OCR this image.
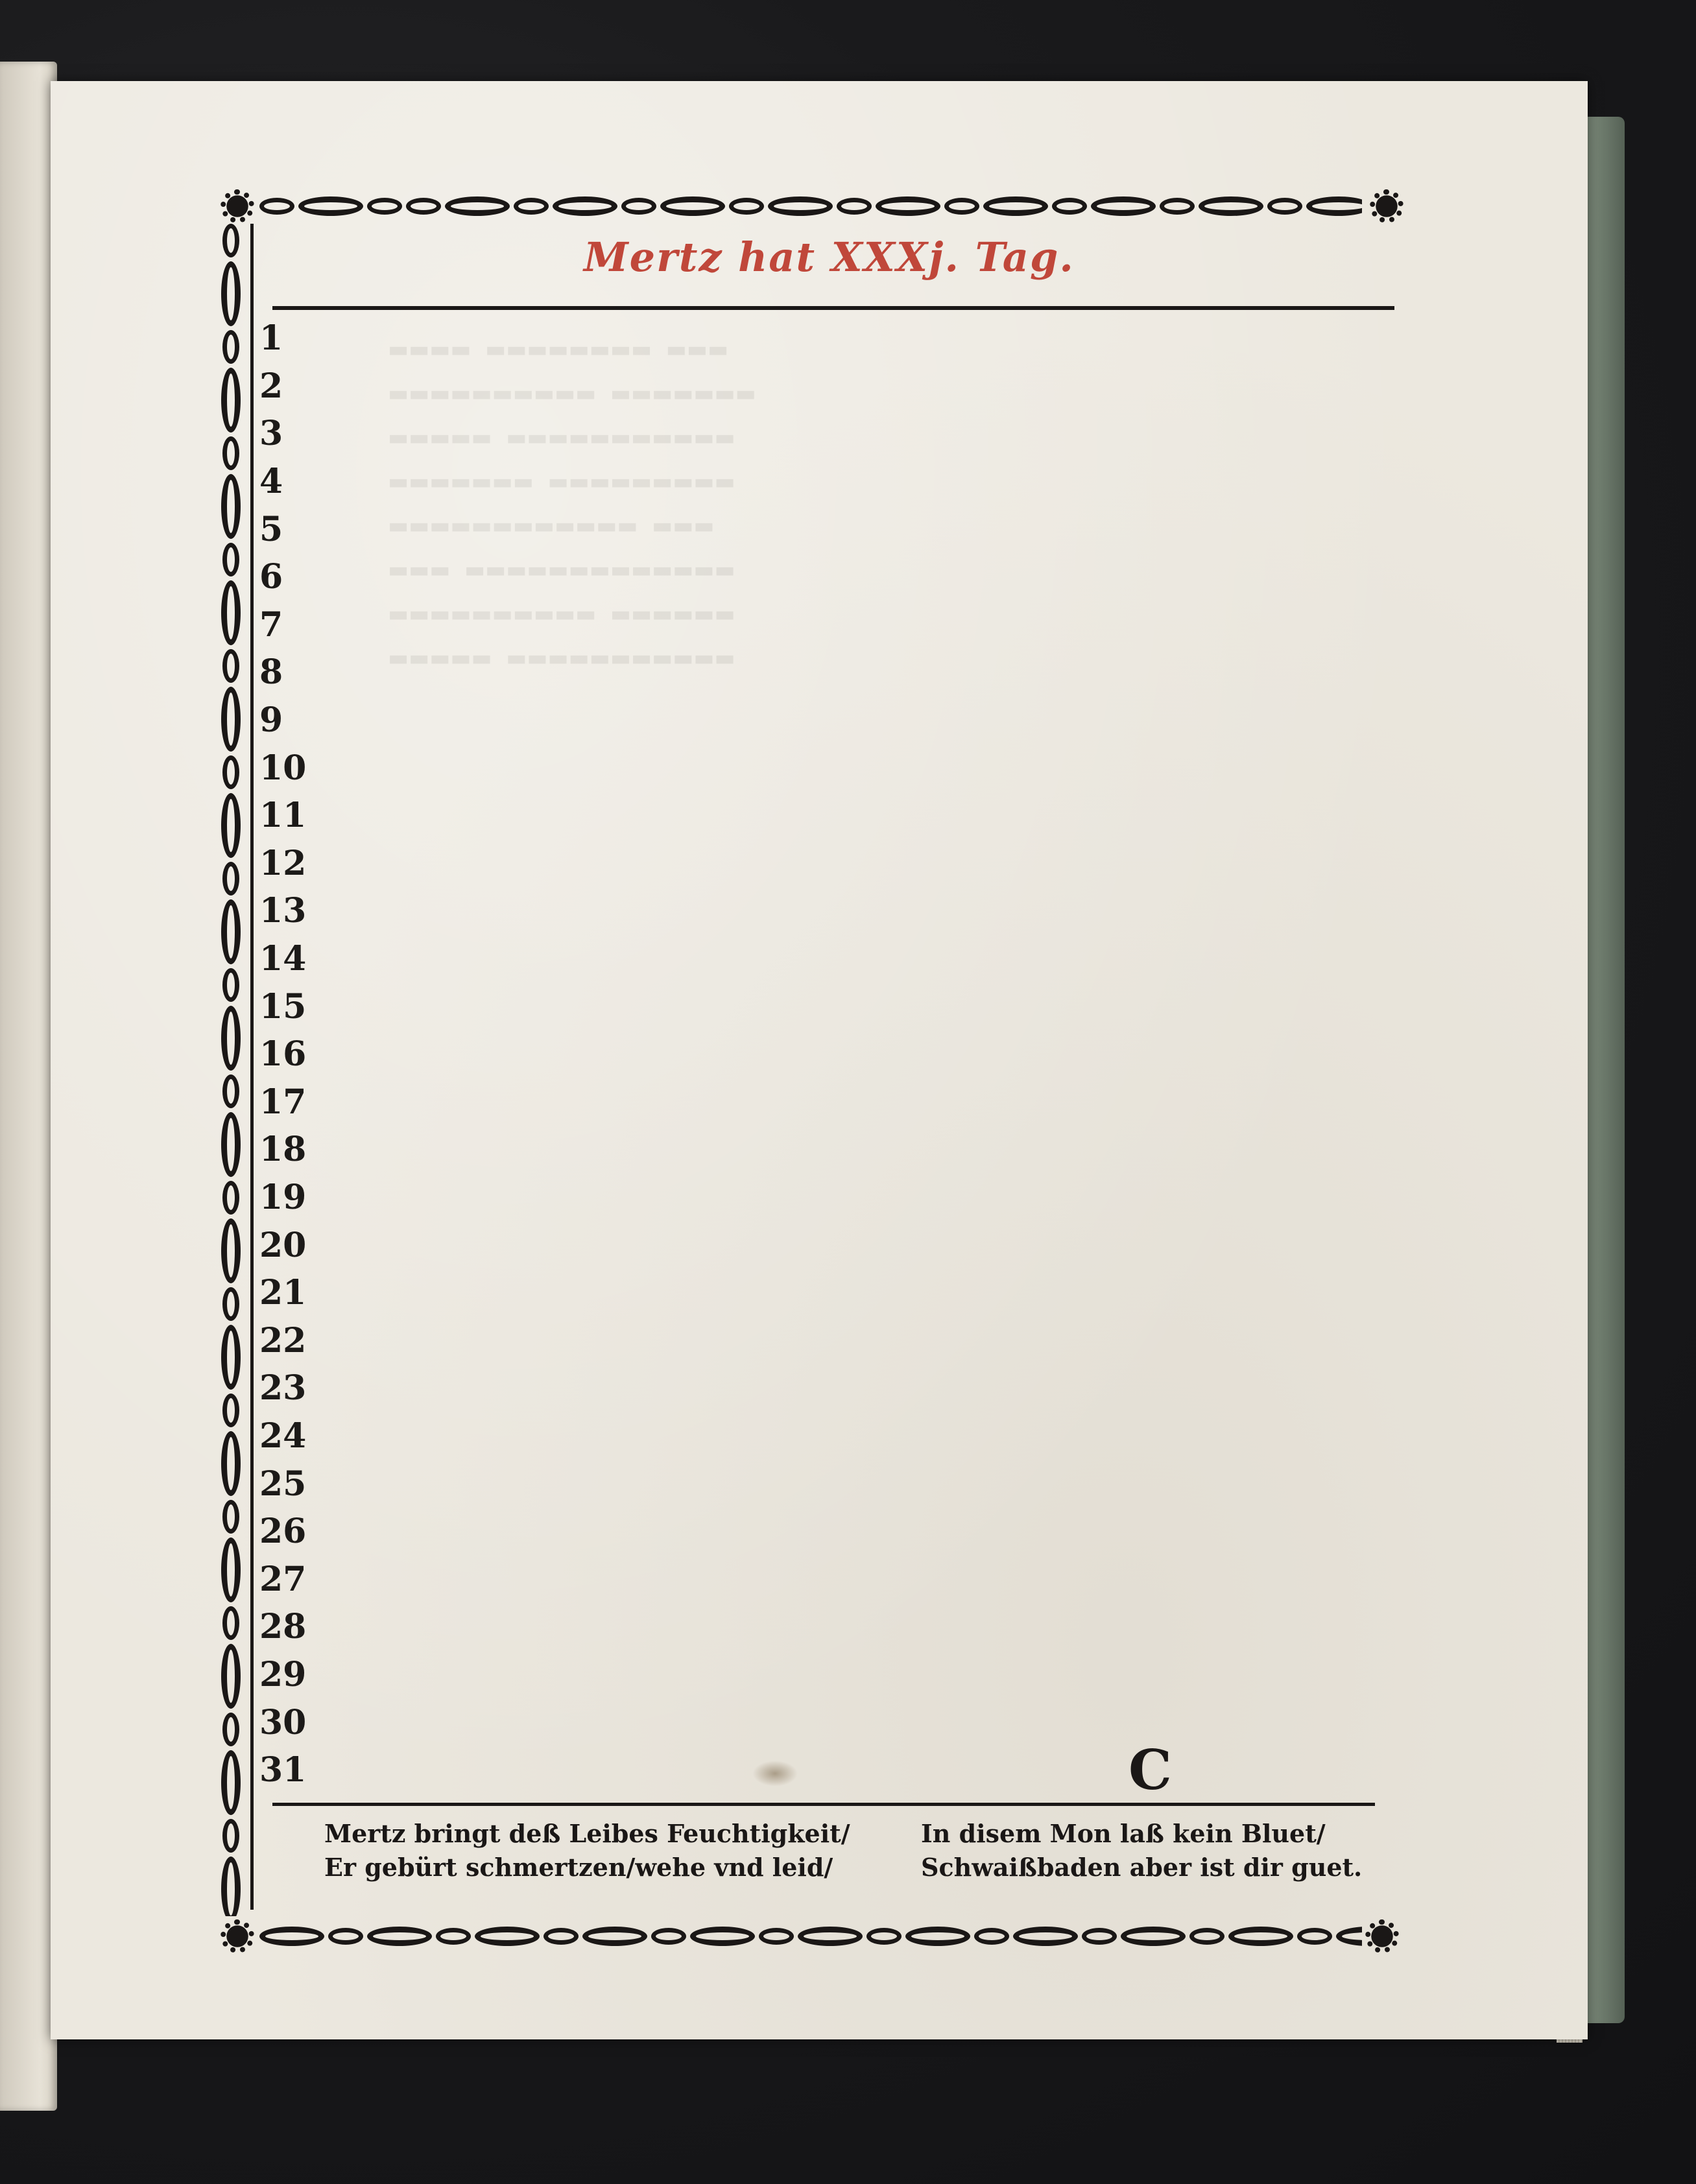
▬▬▬▬  ▬▬▬▬▬▬▬▬  ▬▬▬
▬▬▬▬▬▬▬▬▬▬  ▬▬▬▬▬▬▬
▬▬▬▬▬  ▬▬▬▬▬▬▬▬▬▬▬
▬▬▬▬▬▬▬  ▬▬▬▬▬▬▬▬▬
▬▬▬▬▬▬▬▬▬▬▬▬  ▬▬▬
▬▬▬  ▬▬▬▬▬▬▬▬▬▬▬▬▬
▬▬▬▬▬▬▬▬▬▬  ▬▬▬▬▬▬
▬▬▬▬▬  ▬▬▬▬▬▬▬▬▬▬▬
Mertz hat XXXj. Tag.
1
2
3
4
5
6
7
8
9
10
11
12
13
14
15
16
17
18
19
20
21
22
23
24
25
26
27
28
29
30
31	C
Mertz bringt deß Leibes Feuchtigkeit/
Er gebürt schmertzen/wehe vnd leid/
In disem Mon laß kein Bluet/
Schwaißbaden aber ist dir guet.
